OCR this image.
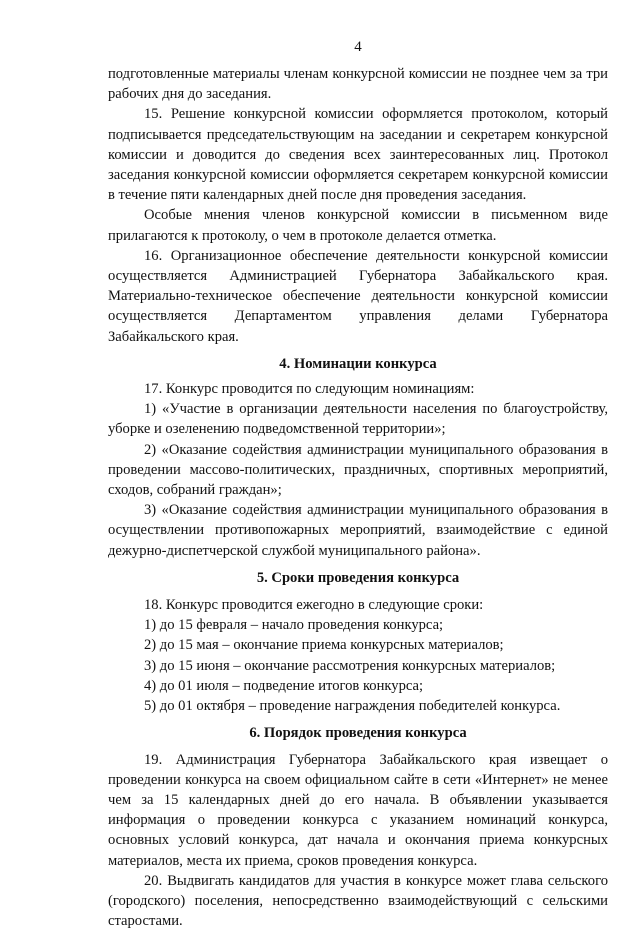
4

подготовленные материалы членам конкурсной комиссии не позднее чем за три рабочих дня до заседания.

15. Решение конкурсной комиссии оформляется протоколом, который подписывается председательствующим на заседании и секретарем конкурсной комиссии и доводится до сведения всех заинтересованных лиц. Протокол заседания конкурсной комиссии оформляется секретарем конкурсной комиссии в течение пяти календарных дней после дня проведения заседания.

Особые мнения членов конкурсной комиссии в письменном виде прилагаются к протоколу, о чем в протоколе делается отметка.

16. Организационное обеспечение деятельности конкурсной комиссии осуществляется Администрацией Губернатора Забайкальского края. Материально-техническое обеспечение деятельности конкурсной комиссии осуществляется Департаментом управления делами Губернатора Забайкальского края.

4. Номинации конкурса

17. Конкурс проводится по следующим номинациям:

1) «Участие в организации деятельности населения по благоустройству, уборке и озеленению подведомственной территории»;

2) «Оказание содействия администрации муниципального образования в проведении массово-политических, праздничных, спортивных мероприятий, сходов, собраний граждан»;

3) «Оказание содействия администрации муниципального образования в осуществлении противопожарных мероприятий, взаимодействие с единой дежурно-диспетчерской службой муниципального района».

5. Сроки проведения конкурса

18. Конкурс проводится ежегодно в следующие сроки:

1) до 15 февраля – начало проведения конкурса;

2) до 15 мая – окончание приема конкурсных материалов;

3) до 15 июня – окончание рассмотрения конкурсных материалов;

4) до 01 июля – подведение итогов конкурса;

5) до 01 октября – проведение награждения победителей конкурса.

6. Порядок проведения конкурса

19. Администрация Губернатора Забайкальского края извещает о проведении конкурса на своем официальном сайте в сети «Интернет» не менее чем за 15 календарных дней до его начала. В объявлении указывается информация о проведении конкурса с указанием номинаций конкурса, основных условий конкурса, дат начала и окончания приема конкурсных материалов, места их приема, сроков проведения конкурса.

20. Выдвигать кандидатов для участия в конкурсе может глава сельского (городского) поселения, непосредственно взаимодействующий с сельскими старостами.
